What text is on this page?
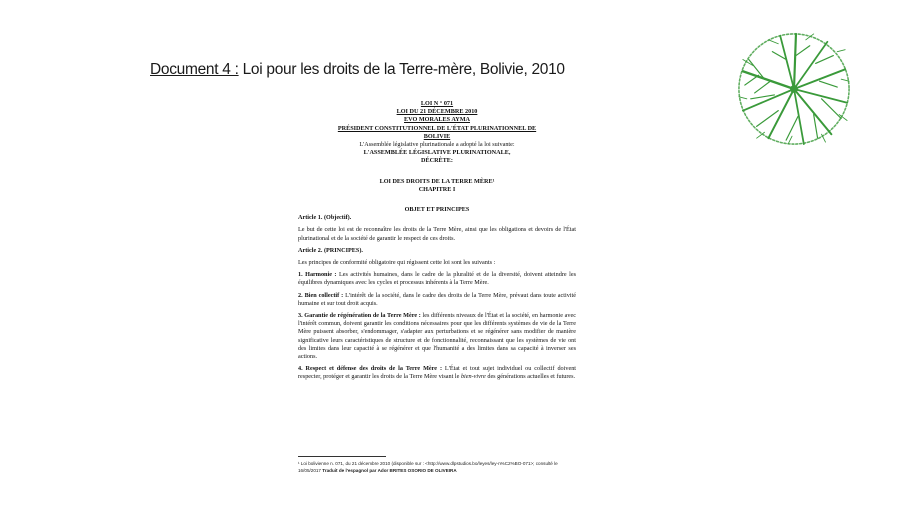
Document 4 : Loi pour les droits de la Terre-mère, Bolivie, 2010
LOI N ° 071
LOI DU 21 DÉCEMBRE 2010
EVO MORALES AYMA
PRÉSIDENT CONSTITUTIONNEL DE L'ÉTAT PLURINATIONNEL DE
BOLIVIE
L'Assemblée législative plurinationale a adopté la loi suivante:
L'ASSEMBLÉE LÉGISLATIVE PLURINATIONALE,
DÉCRÈTE:
LOI DES DROITS DE LA TERRE MÈRE¹
CHAPITRE I
OBJET ET PRINCIPES
Article 1. (Objectif).

Le but de cette loi est de reconnaître les droits de la Terre Mère, ainsi que les obligations et devoirs de l'État plurinational et de la société de garantir le respect de ces droits.

Article 2. (PRINCIPES).

Les principes de conformité obligatoire qui régissent cette loi sont les suivants :

1. Harmonie : Les activités humaines, dans le cadre de la pluralité et de la diversité, doivent atteindre les équilibres dynamiques avec les cycles et processus inhérents à la Terre Mère.

2. Bien collectif : L'intérêt de la société, dans le cadre des droits de la Terre Mère, prévaut dans toute activité humaine et sur tout droit acquis.

3. Garantie de régénération de la Terre Mère : les différents niveaux de l'État et la société, en harmonie avec l'intérêt commun, doivent garantir les conditions nécessaires pour que les différents systèmes de vie de la Terre Mère puissent absorber, s'endommager, s'adapter aux perturbations et se régénérer sans modifier de manière significative leurs caractéristiques de structure et de fonctionnalité, reconnaissant que les systèmes de vie ont des limites dans leur capacité à se régénérer et que l'humanité a des limites dans sa capacité à inverser ses actions.

4. Respect et défense des droits de la Terre Mère : L'État et tout sujet individuel ou collectif doivent respecter, protéger et garantir les droits de la Terre Mère visant le bien-vivre des générations actuelles et futures.

¹ Loi bolivienne n. 071, du 21 décembre 2010 (disponible sur : <http://www.dlpstudios.bo/leyes/ley-n%C2%BO-071>; consulté le 16/05/2017 Traduit de l'espagnol par Ador BRITES OSORIO DE OLIVEIRA
